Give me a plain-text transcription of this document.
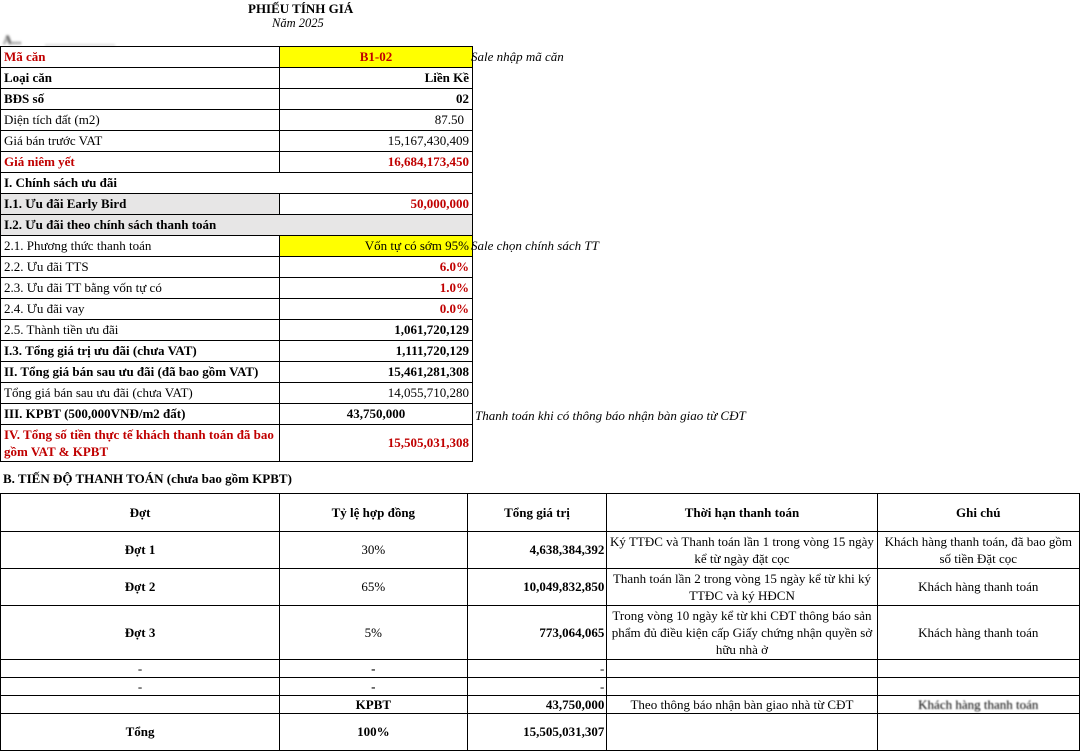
PHIẾU TÍNH GIÁ
Năm 2025
A...
Mã căn	B1-02
Loại căn	Liền Kề
BĐS số	02
Diện tích đất (m2)	87.50
Giá bán trước VAT	15,167,430,409
Giá niêm yết	16,684,173,450
I. Chính sách ưu đãi	
I.1. Ưu đãi Early Bird	50,000,000
I.2. Ưu đãi theo chính sách thanh toán	
2.1. Phương thức thanh toán	Vốn tự có sớm 95%
2.2. Ưu đãi TTS	6.0%
2.3. Ưu đãi TT bằng vốn tự có	1.0%
2.4. Ưu đãi vay	0.0%
2.5. Thành tiền ưu đãi	1,061,720,129
I.3. Tổng giá trị ưu đãi (chưa VAT)	1,111,720,129
II. Tổng giá bán sau ưu đãi (đã bao gồm VAT)	15,461,281,308
Tổng giá bán sau ưu đãi (chưa VAT)	14,055,710,280
III. KPBT (500,000VNĐ/m2 đất)	43,750,000
IV. Tổng số tiền thực tế khách thanh toán đã bao gồm VAT & KPBT	15,505,031,308
Sale nhập mã căn
Sale chọn chính sách TT
Thanh toán khi có thông báo nhận bàn giao từ CĐT
B. TIẾN ĐỘ THANH TOÁN (chưa bao gồm KPBT)
Đợt	Tỷ lệ hợp đồng	Tổng giá trị	Thời hạn thanh toán	Ghi chú
Đợt 1	30%	4,638,384,392	Ký TTĐC và Thanh toán lần 1 trong vòng 15 ngày kể từ ngày đặt cọc	Khách hàng thanh toán, đã bao gồm số tiền Đặt cọc
Đợt 2	65%	10,049,832,850	Thanh toán lần 2 trong vòng 15 ngày kể từ khi ký TTĐC và ký HĐCN	Khách hàng thanh toán
Đợt 3	5%	773,064,065	Trong vòng 10 ngày kể từ khi CĐT thông báo sản phẩm đủ điều kiện cấp Giấy chứng nhận quyền sở hữu nhà ở	Khách hàng thanh toán
-	-	-		
-	-	-		
	KPBT	43,750,000	Theo thông báo nhận bàn giao nhà từ CĐT	Khách hàng thanh toán
Tổng	100%	15,505,031,307		
